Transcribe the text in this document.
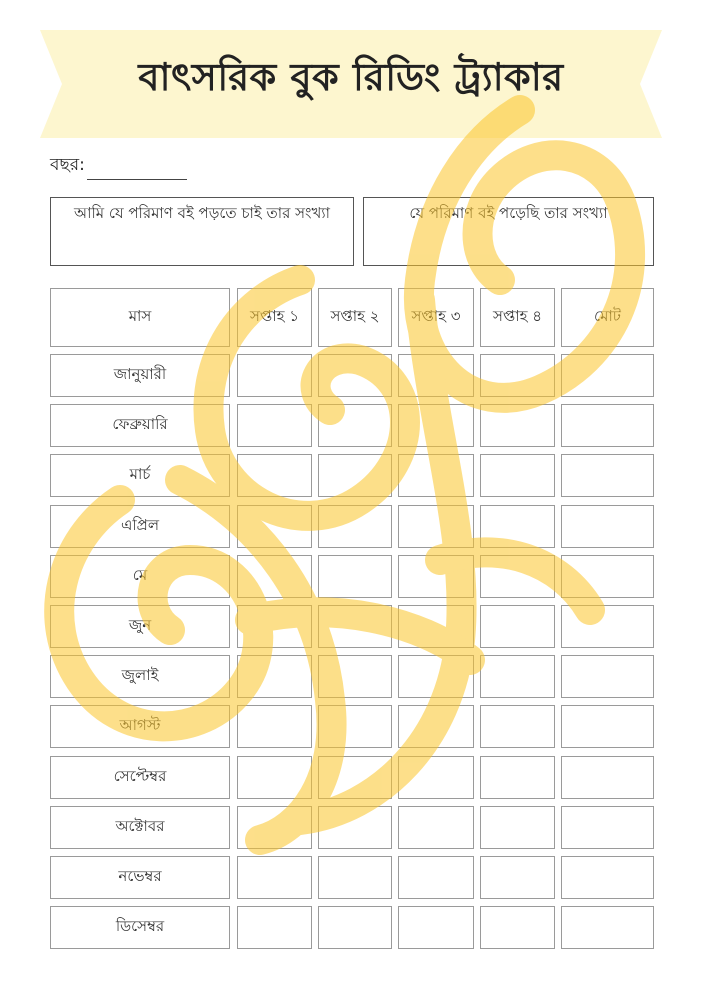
বাৎসরিক বুক রিডিং ট্র্যাকার
বছর:
আমি যে পরিমাণ বই পড়তে চাই তার সংখ্যা	যে পরিমাণ বই পড়েছি তার সংখ্যা
মাস	সপ্তাহ ১	সপ্তাহ ২	সপ্তাহ ৩	সপ্তাহ ৪	মোট
জানুয়ারী
ফেব্রুয়ারি
মার্চ
এপ্রিল
মে
জুন
জুলাই
আগস্ট
সেপ্টেম্বর
অক্টোবর
নভেম্বর
ডিসেম্বর
